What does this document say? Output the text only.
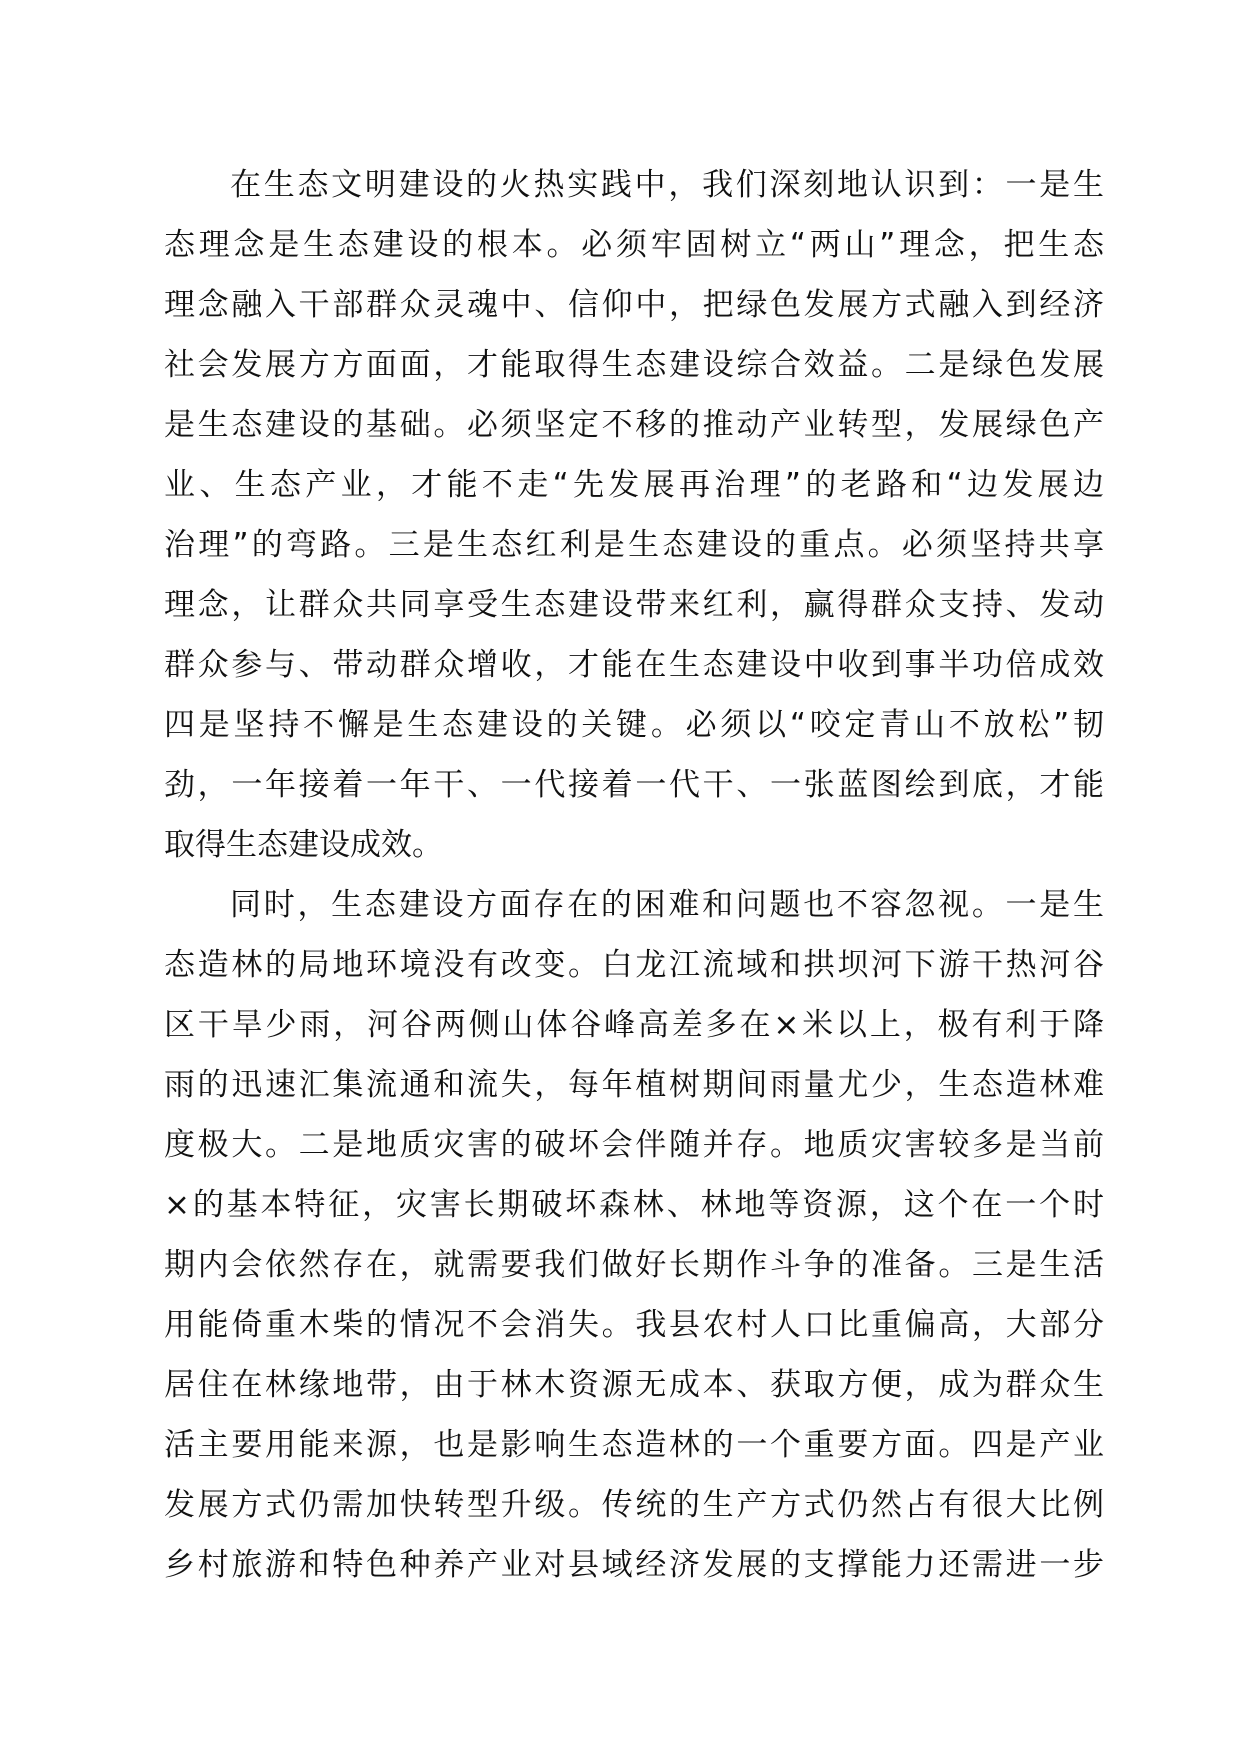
在生态文明建设的火热实践中，我们深刻地认识到：一是生
态理念是生态建设的根本。必须牢固树立“两山”理念，把生态
理念融入干部群众灵魂中、信仰中，把绿色发展方式融入到经济
社会发展方方面面，才能取得生态建设综合效益。二是绿色发展
是生态建设的基础。必须坚定不移的推动产业转型，发展绿色产
业、生态产业，才能不走“先发展再治理”的老路和“边发展边
治理”的弯路。三是生态红利是生态建设的重点。必须坚持共享
理念，让群众共同享受生态建设带来红利，赢得群众支持、发动
群众参与、带动群众增收，才能在生态建设中收到事半功倍成效
四是坚持不懈是生态建设的关键。必须以“咬定青山不放松”韧
劲，一年接着一年干、一代接着一代干、一张蓝图绘到底，才能
取得生态建设成效。
同时，生态建设方面存在的困难和问题也不容忽视。一是生
态造林的局地环境没有改变。白龙江流域和拱坝河下游干热河谷
区干旱少雨，河谷两侧山体谷峰高差多在×米以上，极有利于降
雨的迅速汇集流通和流失，每年植树期间雨量尤少，生态造林难
度极大。二是地质灾害的破坏会伴随并存。地质灾害较多是当前
×的基本特征，灾害长期破坏森林、林地等资源，这个在一个时
期内会依然存在，就需要我们做好长期作斗争的准备。三是生活
用能倚重木柴的情况不会消失。我县农村人口比重偏高，大部分
居住在林缘地带，由于林木资源无成本、获取方便，成为群众生
活主要用能来源，也是影响生态造林的一个重要方面。四是产业
发展方式仍需加快转型升级。传统的生产方式仍然占有很大比例
乡村旅游和特色种养产业对县域经济发展的支撑能力还需进一步
